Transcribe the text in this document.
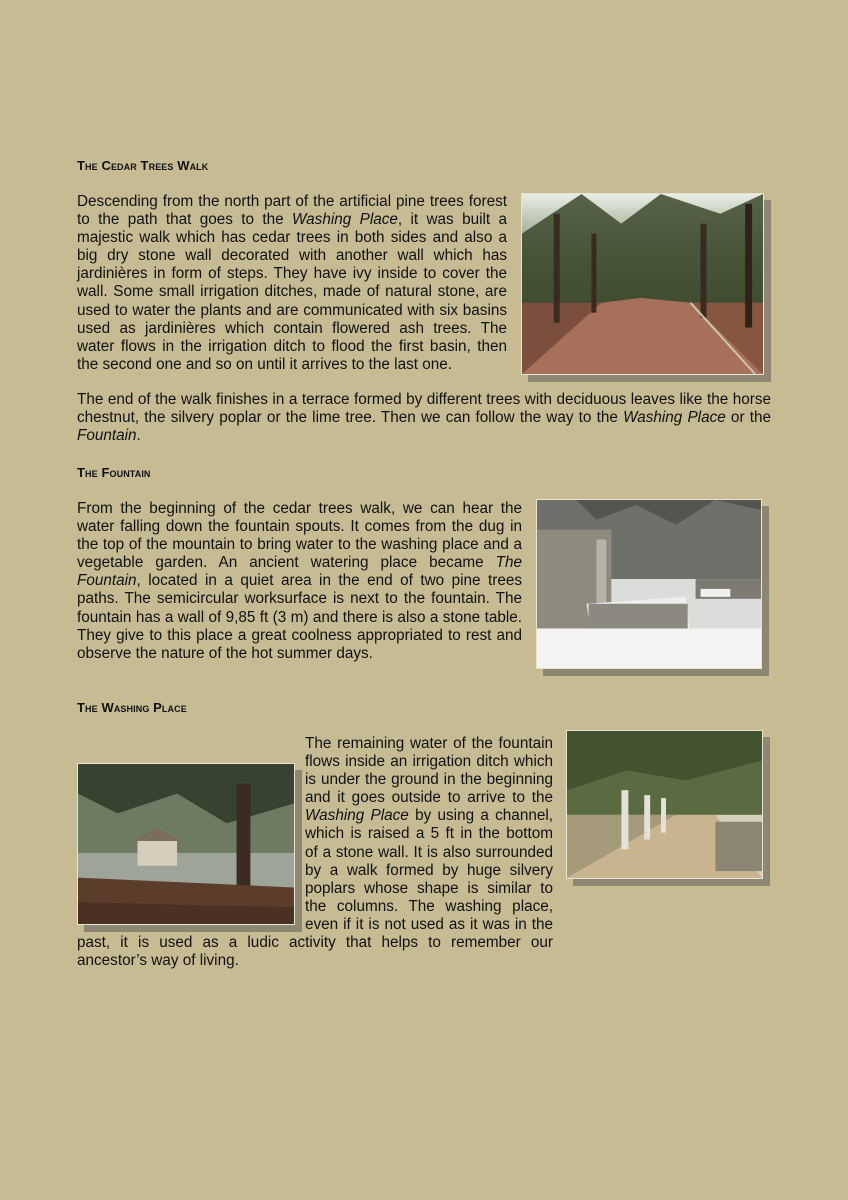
The Cedar Trees Walk

Descending from the north part of the artificial pine trees forest to the path that goes to the Washing Place, it was built a majestic walk which has cedar trees in both sides and also a big dry stone wall decorated with another wall which has jardinières in form of steps. They have ivy inside to cover the wall. Some small irrigation ditches, made of natural stone, are used to water the plants and are communicated with six basins used as jardinières which contain flowered ash trees. The water flows in the irrigation ditch to flood the first basin, then the second one and so on until it arrives to the last one.

The end of the walk finishes in a terrace formed by different trees with deciduous leaves like the horse chestnut, the silvery poplar or the lime tree. Then we can follow the way to the Washing Place or the Fountain.

The Fountain

From the beginning of the cedar trees walk, we can hear the water falling down the fountain spouts. It comes from the dug in the top of the mountain to bring water to the washing place and a vegetable garden. An ancient watering place became The Fountain, located in a quiet area in the end of two pine trees paths. The semicircular worksurface is next to the fountain. The fountain has a wall of 9,85 ft (3 m) and there is also a stone table. They give to this place a great coolness appropriated to rest and observe the nature of the hot summer days.

The Washing Place

The remaining water of the fountain flows inside an irrigation ditch which is under the ground in the beginning and it goes outside to arrive to the Washing Place by using a channel, which is raised a 5 ft in the bottom of a stone wall. It is also surrounded by a walk formed by huge silvery poplars whose shape is similar to the columns. The washing place, even if it is not used as it was in the past, it is used as a ludic activity that helps to remember our ancestor’s way of living.
